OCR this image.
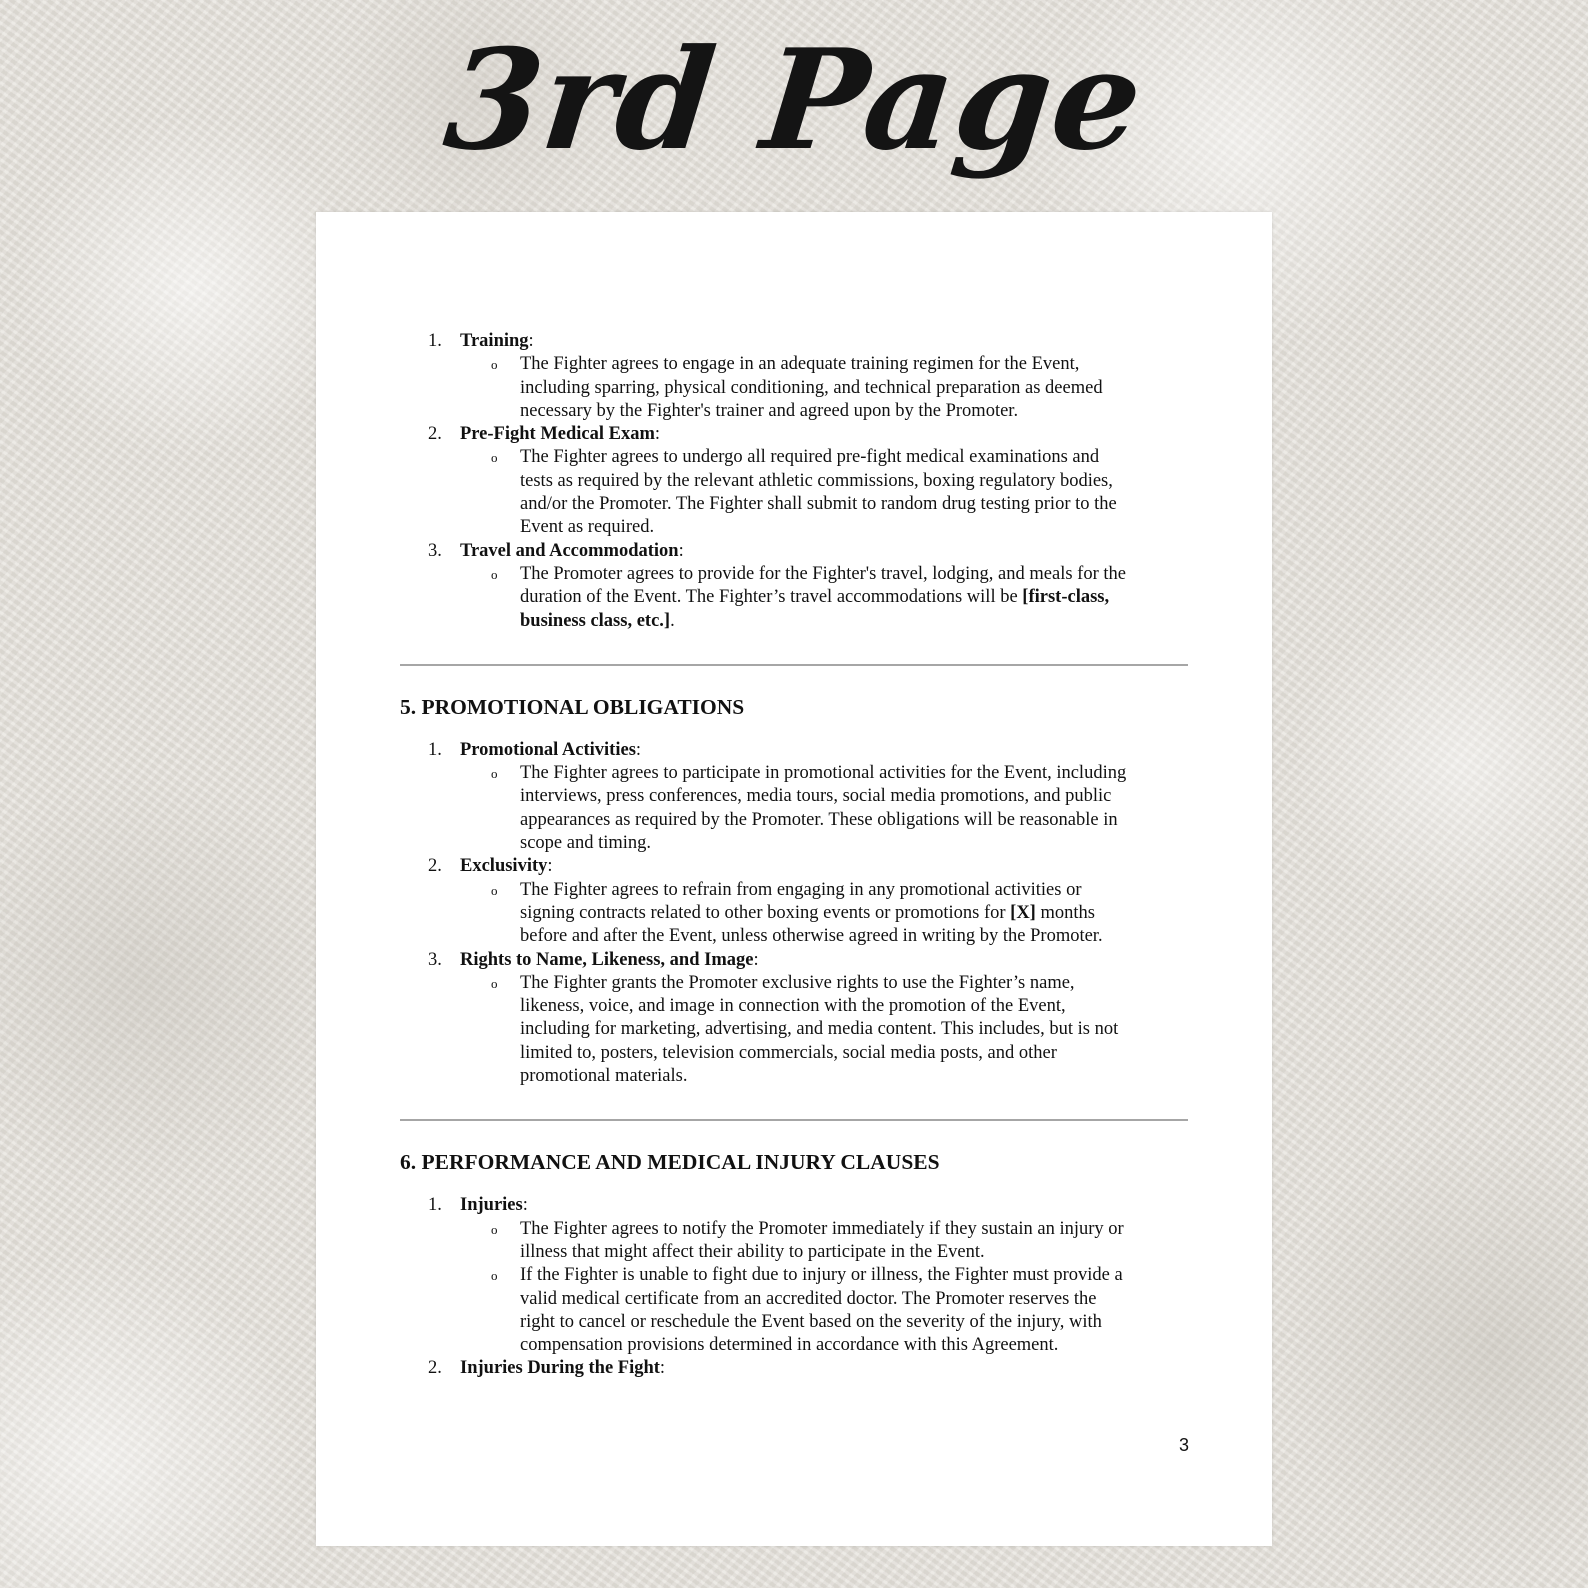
3rd Page
1. Training:
o The Fighter agrees to engage in an adequate training regimen for the Event,
including sparring, physical conditioning, and technical preparation as deemed
necessary by the Fighter's trainer and agreed upon by the Promoter.
2. Pre-Fight Medical Exam:
o The Fighter agrees to undergo all required pre-fight medical examinations and
tests as required by the relevant athletic commissions, boxing regulatory bodies,
and/or the Promoter. The Fighter shall submit to random drug testing prior to the
Event as required.
3. Travel and Accommodation:
o The Promoter agrees to provide for the Fighter's travel, lodging, and meals for the
duration of the Event. The Fighter’s travel accommodations will be [first-class,
business class, etc.].
5. PROMOTIONAL OBLIGATIONS
1. Promotional Activities:
o The Fighter agrees to participate in promotional activities for the Event, including
interviews, press conferences, media tours, social media promotions, and public
appearances as required by the Promoter. These obligations will be reasonable in
scope and timing.
2. Exclusivity:
o The Fighter agrees to refrain from engaging in any promotional activities or
signing contracts related to other boxing events or promotions for [X] months
before and after the Event, unless otherwise agreed in writing by the Promoter.
3. Rights to Name, Likeness, and Image:
o The Fighter grants the Promoter exclusive rights to use the Fighter’s name,
likeness, voice, and image in connection with the promotion of the Event,
including for marketing, advertising, and media content. This includes, but is not
limited to, posters, television commercials, social media posts, and other
promotional materials.
6. PERFORMANCE AND MEDICAL INJURY CLAUSES
1. Injuries:
o The Fighter agrees to notify the Promoter immediately if they sustain an injury or
illness that might affect their ability to participate in the Event.
o If the Fighter is unable to fight due to injury or illness, the Fighter must provide a
valid medical certificate from an accredited doctor. The Promoter reserves the
right to cancel or reschedule the Event based on the severity of the injury, with
compensation provisions determined in accordance with this Agreement.
2. Injuries During the Fight:
3
